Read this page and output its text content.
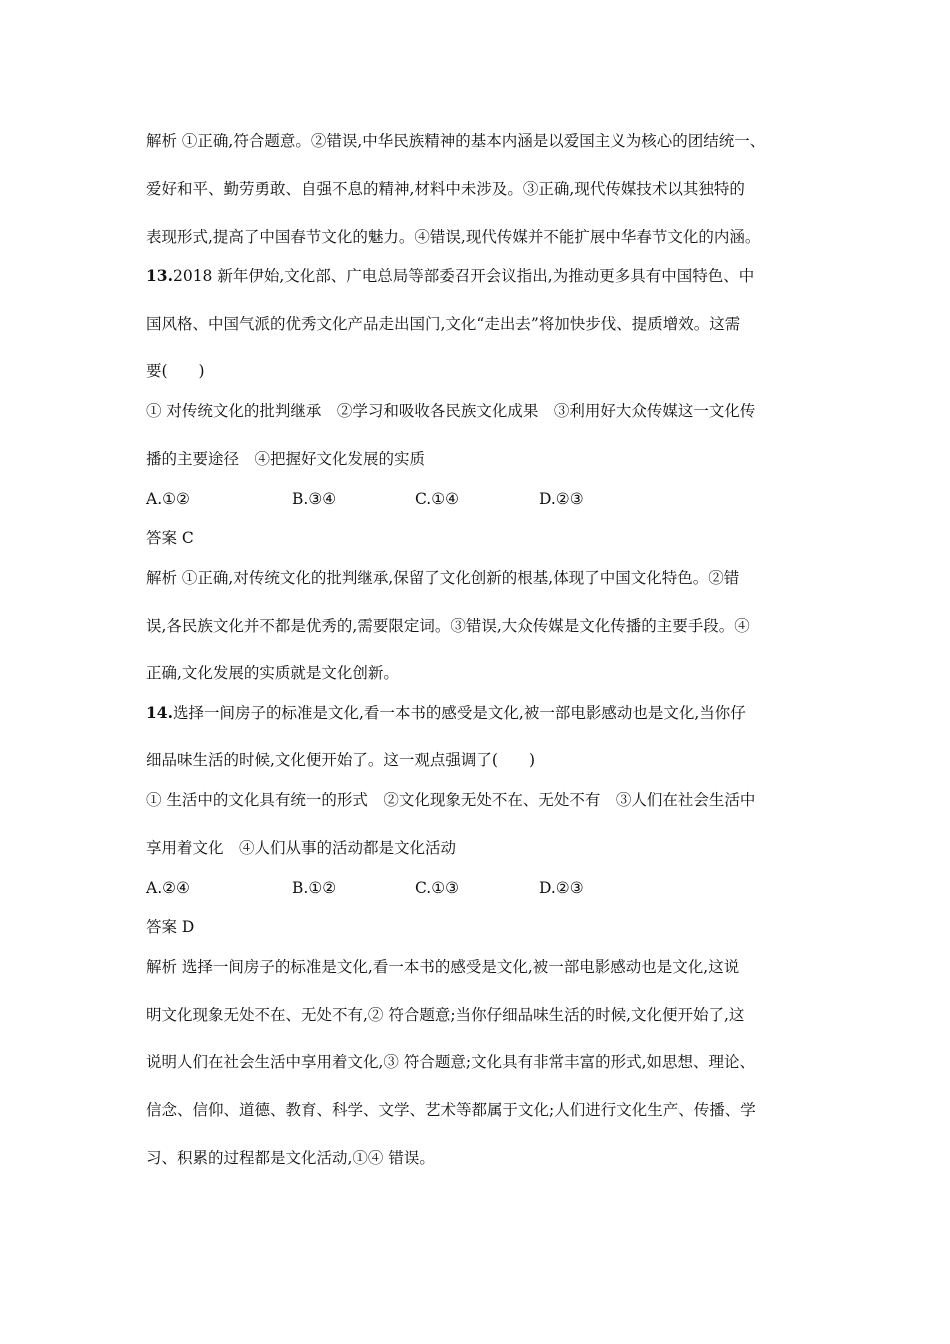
解析 ①正确,符合题意。②错误,中华民族精神的基本内涵是以爱国主义为核心的团结统一、
爱好和平、勤劳勇敢、自强不息的精神,材料中未涉及。③正确,现代传媒技术以其独特的
表现形式,提高了中国春节文化的魅力。④错误,现代传媒并不能扩展中华春节文化的内涵。
13.2018 新年伊始,文化部、广电总局等部委召开会议指出,为推动更多具有中国特色、中
国风格、中国气派的优秀文化产品走出国门,文化“走出去”将加快步伐、提质增效。这需
要(　　)
① 对传统文化的批判继承　②学习和吸收各民族文化成果　③利用好大众传媒这一文化传
播的主要途径　④把握好文化发展的实质
A.①②	B.③④	C.①④	D.②③
答案 C
解析 ①正确,对传统文化的批判继承,保留了文化创新的根基,体现了中国文化特色。②错
误,各民族文化并不都是优秀的,需要限定词。③错误,大众传媒是文化传播的主要手段。④
正确,文化发展的实质就是文化创新。
14.选择一间房子的标准是文化,看一本书的感受是文化,被一部电影感动也是文化,当你仔
细品味生活的时候,文化便开始了。这一观点强调了(　　)
① 生活中的文化具有统一的形式　②文化现象无处不在、无处不有　③人们在社会生活中
享用着文化　④人们从事的活动都是文化活动
A.②④	B.①②	C.①③	D.②③
答案 D
解析 选择一间房子的标准是文化,看一本书的感受是文化,被一部电影感动也是文化,这说
明文化现象无处不在、无处不有,② 符合题意;当你仔细品味生活的时候,文化便开始了,这
说明人们在社会生活中享用着文化,③ 符合题意;文化具有非常丰富的形式,如思想、理论、
信念、信仰、道德、教育、科学、文学、艺术等都属于文化;人们进行文化生产、传播、学
习、积累的过程都是文化活动,①④ 错误。
